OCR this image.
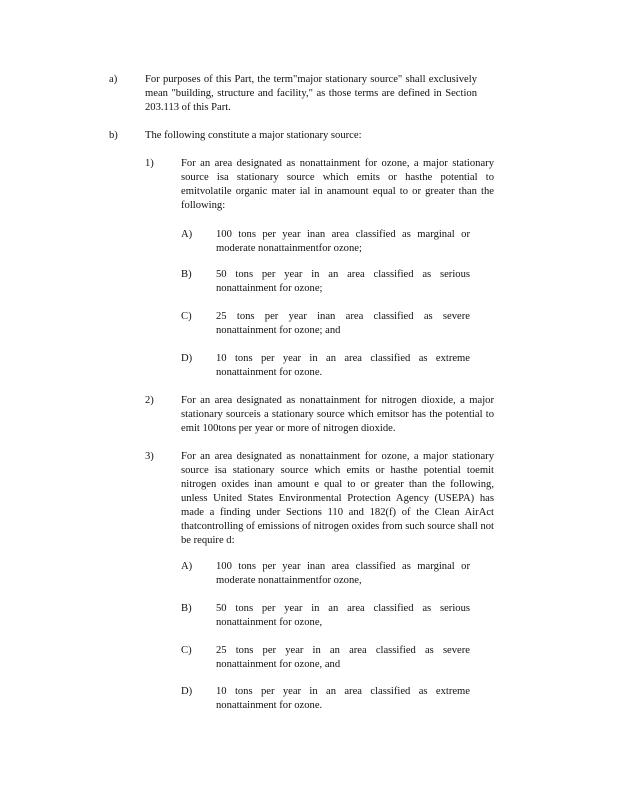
a)	For purposes of this Part, the term"major stationary source" shall exclusively mean "building, structure and facility," as those terms are defined in Section 203.113 of this Part.
b)	The following constitute a major stationary source:
1)	For an area designated as nonattainment for ozone, a major stationary source isa stationary source which emits or hasthe potential to emitvolatile organic mater ial in anamount equal to or greater than the following:
A) 100 tons per year inan area classified as marginal or moderate nonattainmentfor ozone;
B) 50 tons per year in an area classified as serious nonattainment for ozone;
C) 25 tons per year inan area classified as severe nonattainment for ozone; and
D) 10 tons per year in an area classified as extreme nonattainment for ozone.
2)	For an area designated as nonattainment for nitrogen dioxide, a major stationary sourceis a stationary source which emitsor has the potential to emit 100tons per year or more of nitrogen dioxide.
3)	For an area designated as nonattainment for ozone, a major stationary source isa stationary source which emits or hasthe potential toemit nitrogen oxides inan amount e qual to or greater than the following, unless United States Environmental Protection Agency (USEPA) has made a finding under Sections 110 and 182(f) of the Clean AirAct thatcontrolling of emissions of nitrogen oxides from such source shall not be require d:
A) 100 tons per year inan area classified as marginal or moderate nonattainmentfor ozone,
B) 50 tons per year in an area classified as serious nonattainment for ozone,
C) 25 tons per year in an area classified as severe nonattainment for ozone, and
D) 10 tons per year in an area classified as extreme nonattainment for ozone.
